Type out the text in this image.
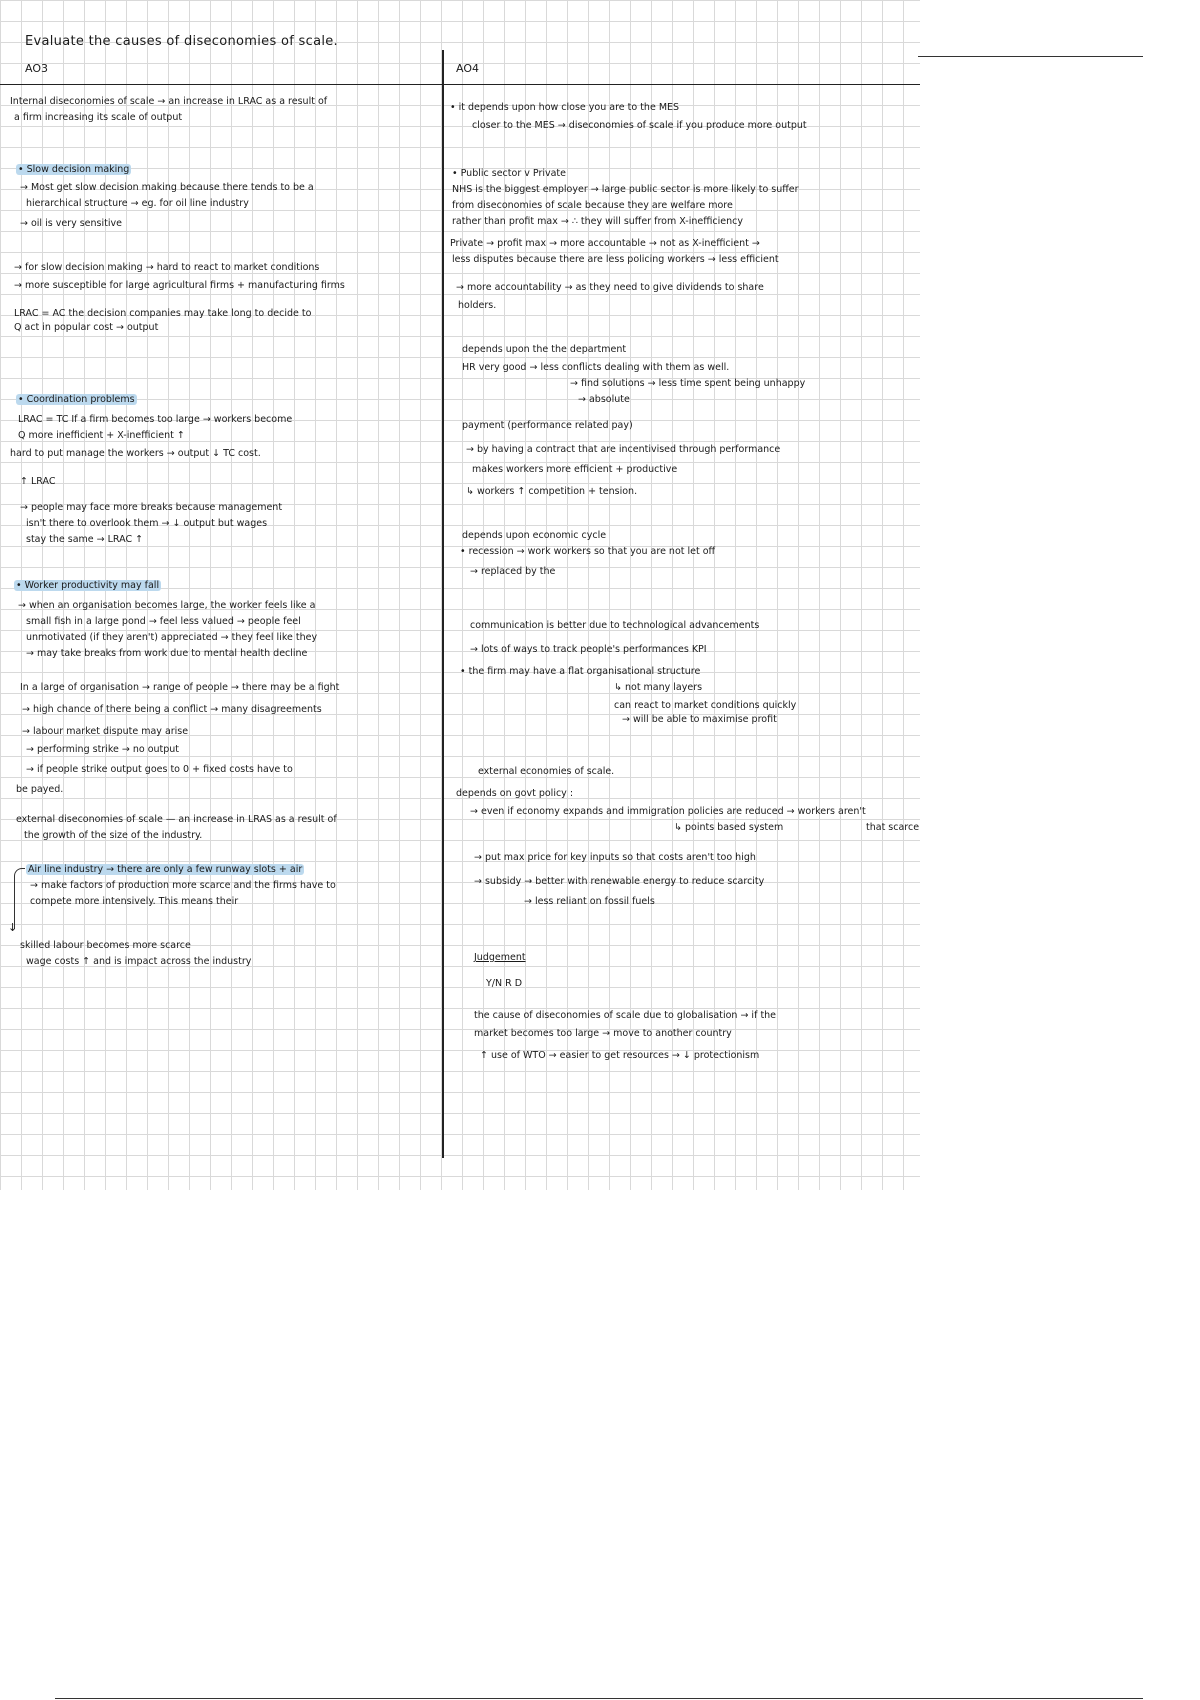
Evaluate the causes of diseconomies of scale.
AO3	AO4
Internal diseconomies of scale → an increase in LRAC as a result of
a firm increasing its scale of output
• Slow decision making
→ Most get slow decision making because there tends to be a
hierarchical structure → eg. for oil line industry
→ oil is very sensitive
→ for slow decision making → hard to react to market conditions
→ more susceptible for large agricultural firms + manufacturing firms
LRAC = AC the decision companies may take long to decide to
Q act in popular cost → output
• Coordination problems
LRAC = TC If a firm becomes too large → workers become
Q more inefficient + X-inefficient ↑
hard to put manage the workers → output ↓ TC cost.
↑ LRAC
→ people may face more breaks because management
isn't there to overlook them → ↓ output but wages
stay the same → LRAC ↑
• Worker productivity may fall
→ when an organisation becomes large, the worker feels like a
small fish in a large pond → feel less valued → people feel
unmotivated (if they aren't) appreciated → they feel like they
→ may take breaks from work due to mental health decline
In a large of organisation → range of people → there may be a fight
→ high chance of there being a conflict → many disagreements
→ labour market dispute may arise
→ performing strike → no output
→ if people strike output goes to 0 + fixed costs have to
be payed.
external diseconomies of scale — an increase in LRAS as a result of
the growth of the size of the industry.
↓
Air line industry → there are only a few runway slots + air
→ make factors of production more scarce and the firms have to
compete more intensively. This means their
skilled labour becomes more scarce
wage costs ↑ and is impact across the industry
• it depends upon how close you are to the MES
closer to the MES → diseconomies of scale if you produce more output
• Public sector v Private
NHS is the biggest employer → large public sector is more likely to suffer
from diseconomies of scale because they are welfare more
rather than profit max → ∴ they will suffer from X-inefficiency
Private → profit max → more accountable → not as X-inefficient →
less disputes because there are less policing workers → less efficient
→ more accountability → as they need to give dividends to share
holders.
depends upon the the department
HR very good → less conflicts dealing with them as well.
→ find solutions → less time spent being unhappy
→ absolute
payment (performance related pay)
→ by having a contract that are incentivised through performance
makes workers more efficient + productive
↳ workers ↑ competition + tension.
depends upon economic cycle
• recession → work workers so that you are not let off
→ replaced by the
communication is better due to technological advancements
→ lots of ways to track people's performances KPI
• the firm may have a flat organisational structure
↳ not many layers
can react to market conditions quickly
→ will be able to maximise profit
external economies of scale.
depends on govt policy :
→ even if economy expands and immigration policies are reduced → workers aren't
↳ points based system	that scarce
→ put max price for key inputs so that costs aren't too high
→ subsidy → better with renewable energy to reduce scarcity
→ less reliant on fossil fuels
Judgement
Y/N R D
the cause of diseconomies of scale due to globalisation → if the
market becomes too large → move to another country
↑ use of WTO → easier to get resources → ↓ protectionism
